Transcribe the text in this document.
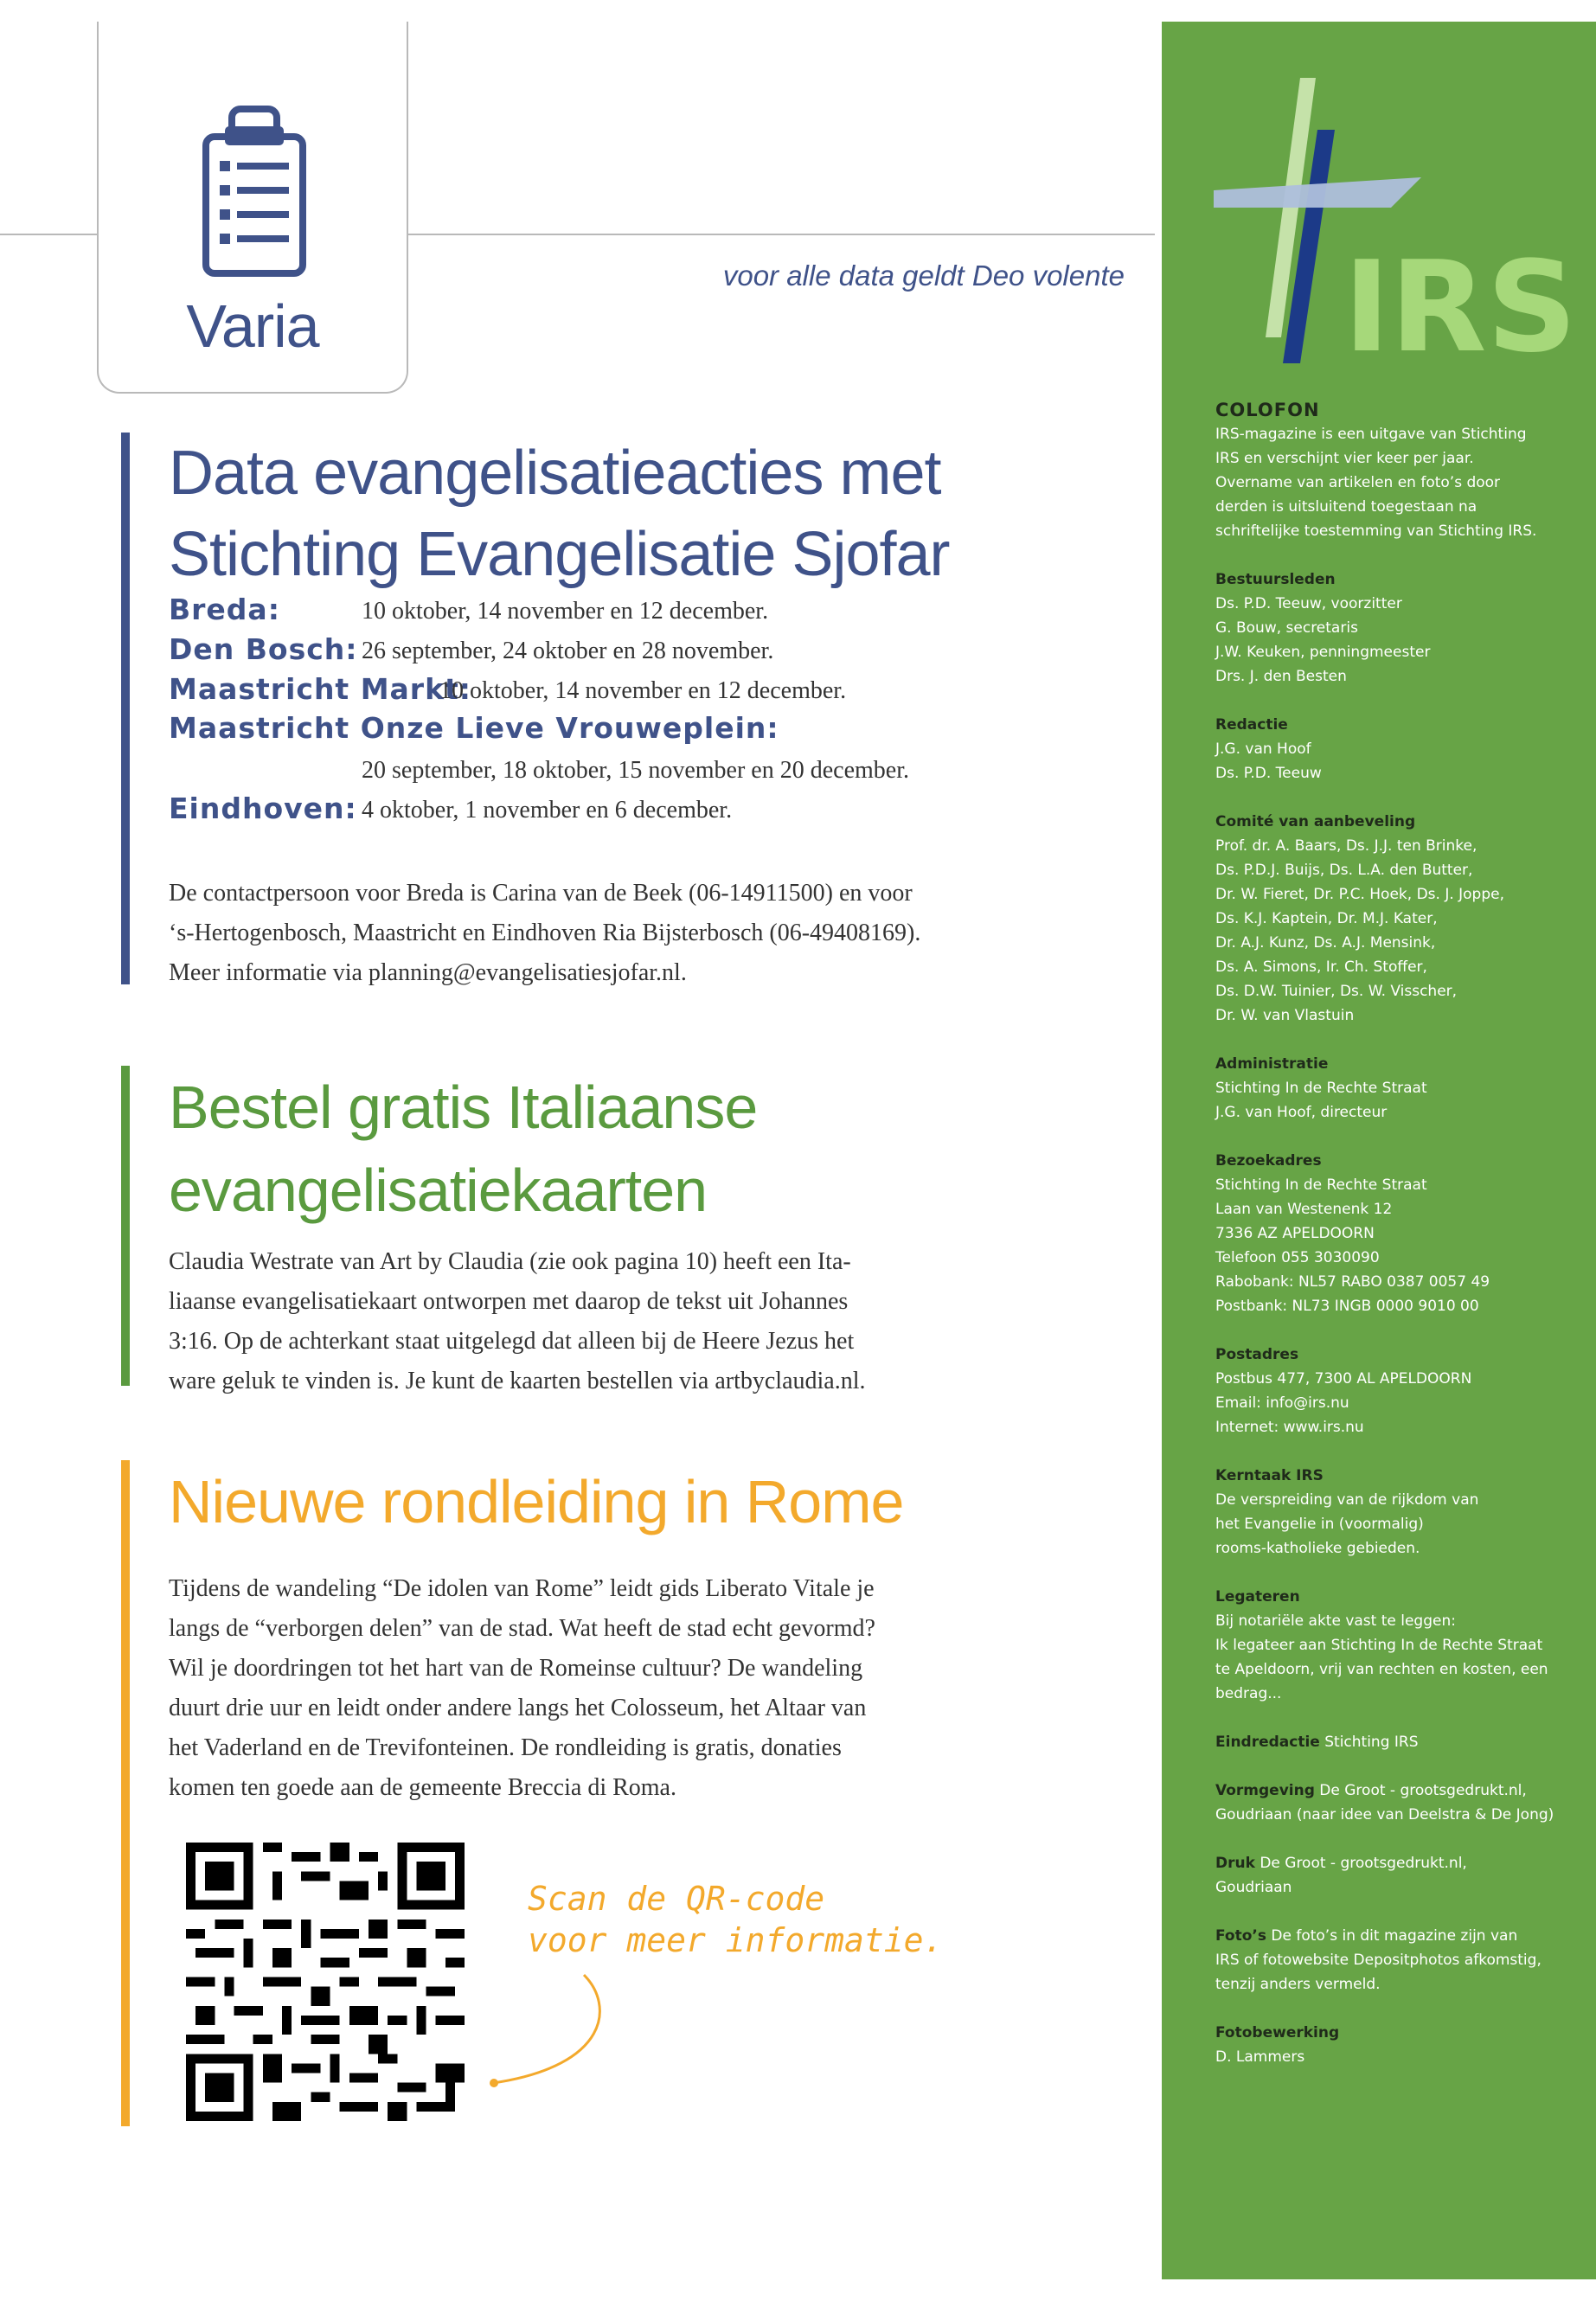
Varia
voor alle data geldt Deo volente
Data evangelisatieacties met
Stichting Evangelisatie Sjofar
Breda:	10 oktober, 14 november en 12 december.
Den Bosch: 26 september, 24 oktober en 28 november.
Maastricht Markt:
10 oktober, 14 november en 12 december.
Maastricht Onze Lieve Vrouweplein:
20 september, 18 oktober, 15 november en 20 december.
Eindhoven: 4 oktober, 1 november en 6 december.
De contactpersoon voor Breda is Carina van de Beek (06-14911500) en voor
‘s-Hertogenbosch, Maastricht en Eindhoven Ria Bijsterbosch (06-49408169).
Meer informatie via planning@evangelisatiesjofar.nl.
Bestel gratis Italiaanse
evangelisatiekaarten
Claudia Westrate van Art by Claudia (zie ook pagina 10) heeft een Ita-
liaanse evangelisatiekaart ontworpen met daarop de tekst uit Johannes
3:16. Op de achterkant staat uitgelegd dat alleen bij de Heere Jezus het
ware geluk te vinden is. Je kunt de kaarten bestellen via artbyclaudia.nl.
Nieuwe rondleiding in Rome
Tijdens de wandeling “De idolen van Rome” leidt gids Liberato Vitale je
langs de “verborgen delen” van de stad. Wat heeft de stad echt gevormd?
Wil je doordringen tot het hart van de Romeinse cultuur? De wandeling
duurt drie uur en leidt onder andere langs het Colosseum, het Altaar van
het Vaderland en de Trevifonteinen. De rondleiding is gratis, donaties
komen ten goede aan de gemeente Breccia di Roma.
Scan de QR-code
voor meer informatie.
IRS

COLOFON

IRS-magazine is een uitgave van Stichting

IRS en verschijnt vier keer per jaar.

Overname van artikelen en foto’s door

derden is uitsluitend toegestaan na

schriftelijke toestemming van Stichting IRS.

Bestuursleden

Ds. P.D. Teeuw, voorzitter

G. Bouw, secretaris

J.W. Keuken, penningmeester

Drs. J. den Besten

Redactie

J.G. van Hoof

Ds. P.D. Teeuw

Comité van aanbeveling

Prof. dr. A. Baars, Ds. J.J. ten Brinke,

Ds. P.D.J. Buijs, Ds. L.A. den Butter,

Dr. W. Fieret, Dr. P.C. Hoek, Ds. J. Joppe,

Ds. K.J. Kaptein, Dr. M.J. Kater,

Dr. A.J. Kunz, Ds. A.J. Mensink,

Ds. A. Simons, Ir. Ch. Stoffer,

Ds. D.W. Tuinier, Ds. W. Visscher,

Dr. W. van Vlastuin

Administratie

Stichting In de Rechte Straat

J.G. van Hoof, directeur

Bezoekadres

Stichting In de Rechte Straat

Laan van Westenenk 12

7336 AZ APELDOORN

Telefoon 055 3030090

Rabobank: NL57 RABO 0387 0057 49

Postbank: NL73 INGB 0000 9010 00

Postadres

Postbus 477, 7300 AL APELDOORN

Email: info@irs.nu

Internet: www.irs.nu

Kerntaak IRS

De verspreiding van de rijkdom van

het Evangelie in (voormalig)

rooms-katholieke gebieden.

Legateren

Bij notariële akte vast te leggen:

Ik legateer aan Stichting In de Rechte Straat

te Apeldoorn, vrij van rechten en kosten, een

bedrag...

Eindredactie Stichting IRS

Vormgeving De Groot - grootsgedrukt.nl,

Goudriaan (naar idee van Deelstra & De Jong)

Druk De Groot - grootsgedrukt.nl,

Goudriaan

Foto’s De foto’s in dit magazine zijn van

IRS of fotowebsite Depositphotos afkomstig,

tenzij anders vermeld.

Fotobewerking

D. Lammers
